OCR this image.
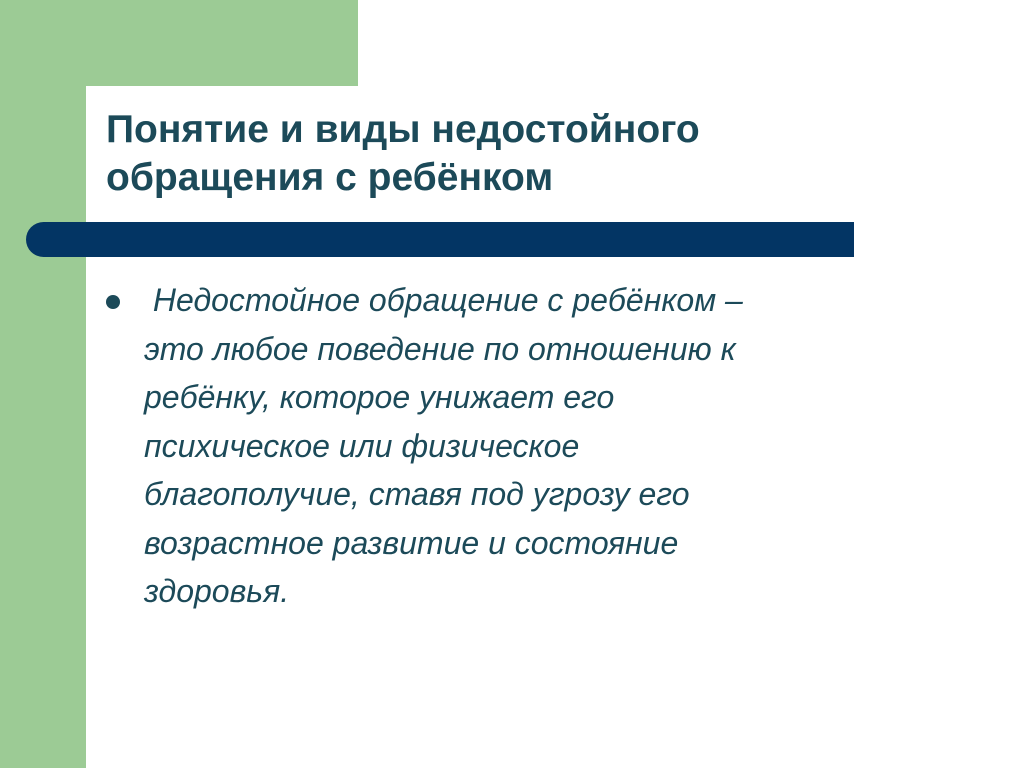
Понятие и виды недостойного обращения с ребёнком
Недостойное обращение с ребёнком –
это любое поведение по отношению к
ребёнку, которое унижает его
психическое или физическое
благополучие, ставя под угрозу его
возрастное развитие и состояние
здоровья.
